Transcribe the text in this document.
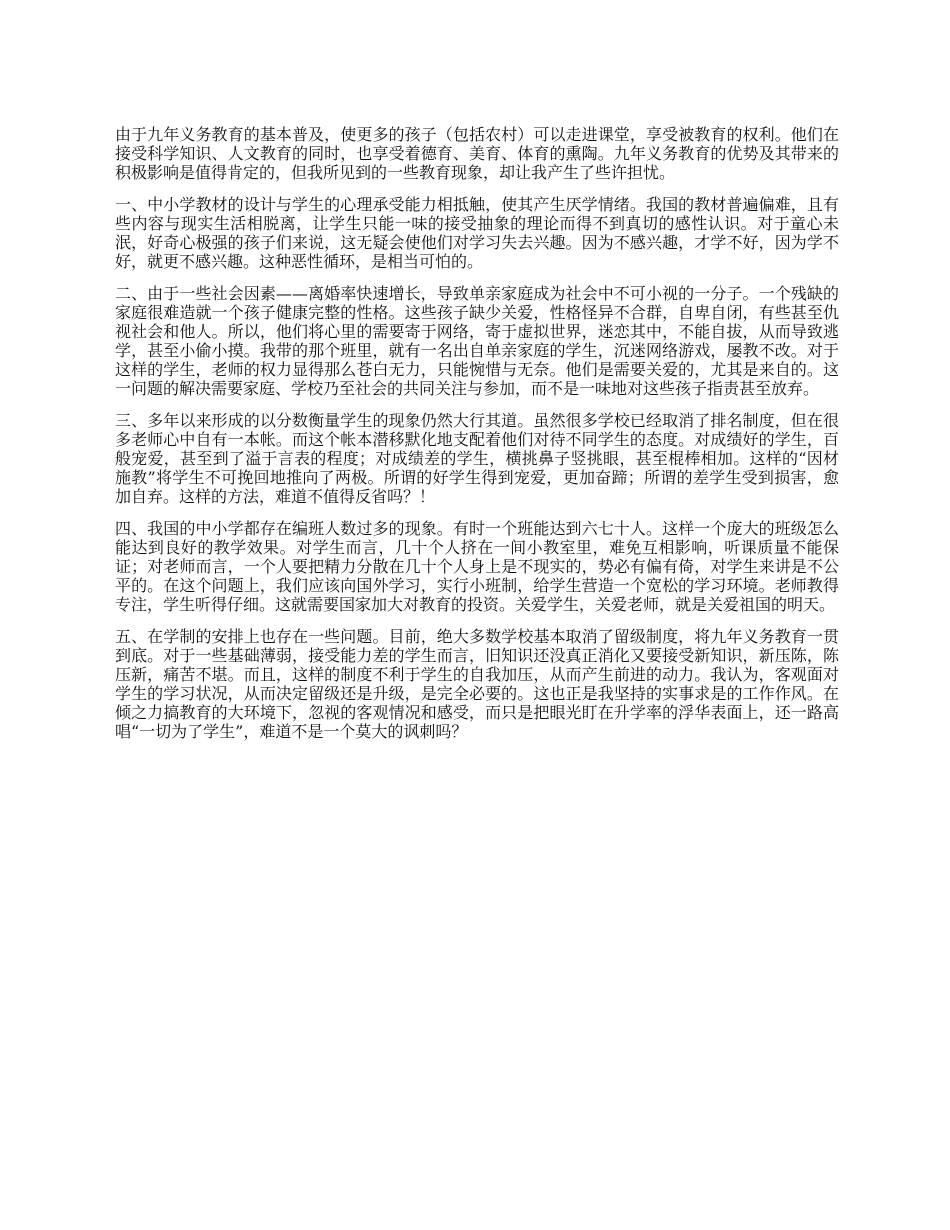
由于九年义务教育的基本普及，使更多的孩子（包括农村）可以走进课堂，享受被教育的权利。他们在接受科学知识、人文教育的同时，也享受着德育、美育、体育的熏陶。九年义务教育的优势及其带来的积极影响是值得肯定的，但我所见到的一些教育现象，却让我产生了些许担忧。

一、中小学教材的设计与学生的心理承受能力相抵触，使其产生厌学情绪。我国的教材普遍偏难，且有些内容与现实生活相脱离，让学生只能一味的接受抽象的理论而得不到真切的感性认识。对于童心未泯，好奇心极强的孩子们来说，这无疑会使他们对学习失去兴趣。因为不感兴趣，才学不好，因为学不好，就更不感兴趣。这种恶性循环，是相当可怕的。

二、由于一些社会因素——离婚率快速增长，导致单亲家庭成为社会中不可小视的一分子。一个残缺的家庭很难造就一个孩子健康完整的性格。这些孩子缺少关爱，性格怪异不合群，自卑自闭，有些甚至仇视社会和他人。所以，他们将心里的需要寄于网络，寄于虚拟世界，迷恋其中，不能自拔，从而导致逃学，甚至小偷小摸。我带的那个班里，就有一名出自单亲家庭的学生，沉迷网络游戏，屡教不改。对于这样的学生，老师的权力显得那么苍白无力，只能惋惜与无奈。他们是需要关爱的，尤其是来自的。这一问题的解决需要家庭、学校乃至社会的共同关注与参加，而不是一味地对这些孩子指责甚至放弃。

三、多年以来形成的以分数衡量学生的现象仍然大行其道。虽然很多学校已经取消了排名制度，但在很多老师心中自有一本帐。而这个帐本潜移默化地支配着他们对待不同学生的态度。对成绩好的学生，百般宠爱，甚至到了溢于言表的程度；对成绩差的学生，横挑鼻子竖挑眼，甚至棍棒相加。这样的“因材施教”将学生不可挽回地推向了两极。所谓的好学生得到宠爱，更加奋蹄；所谓的差学生受到损害，愈加自弃。这样的方法，难道不值得反省吗？！

四、我国的中小学都存在编班人数过多的现象。有时一个班能达到六七十人。这样一个庞大的班级怎么能达到良好的教学效果。对学生而言，几十个人挤在一间小教室里，难免互相影响，听课质量不能保证；对老师而言，一个人要把精力分散在几十个人身上是不现实的，势必有偏有倚，对学生来讲是不公平的。在这个问题上，我们应该向国外学习，实行小班制，给学生营造一个宽松的学习环境。老师教得专注，学生听得仔细。这就需要国家加大对教育的投资。关爱学生，关爱老师，就是关爱祖国的明天。

五、在学制的安排上也存在一些问题。目前，绝大多数学校基本取消了留级制度，将九年义务教育一贯到底。对于一些基础薄弱，接受能力差的学生而言，旧知识还没真正消化又要接受新知识，新压陈，陈压新，痛苦不堪。而且，这样的制度不利于学生的自我加压，从而产生前进的动力。我认为，客观面对学生的学习状况，从而决定留级还是升级，是完全必要的。这也正是我坚持的实事求是的工作作风。在倾之力搞教育的大环境下，忽视的客观情况和感受，而只是把眼光盯在升学率的浮华表面上，还一路高唱“一切为了学生”，难道不是一个莫大的讽刺吗？
